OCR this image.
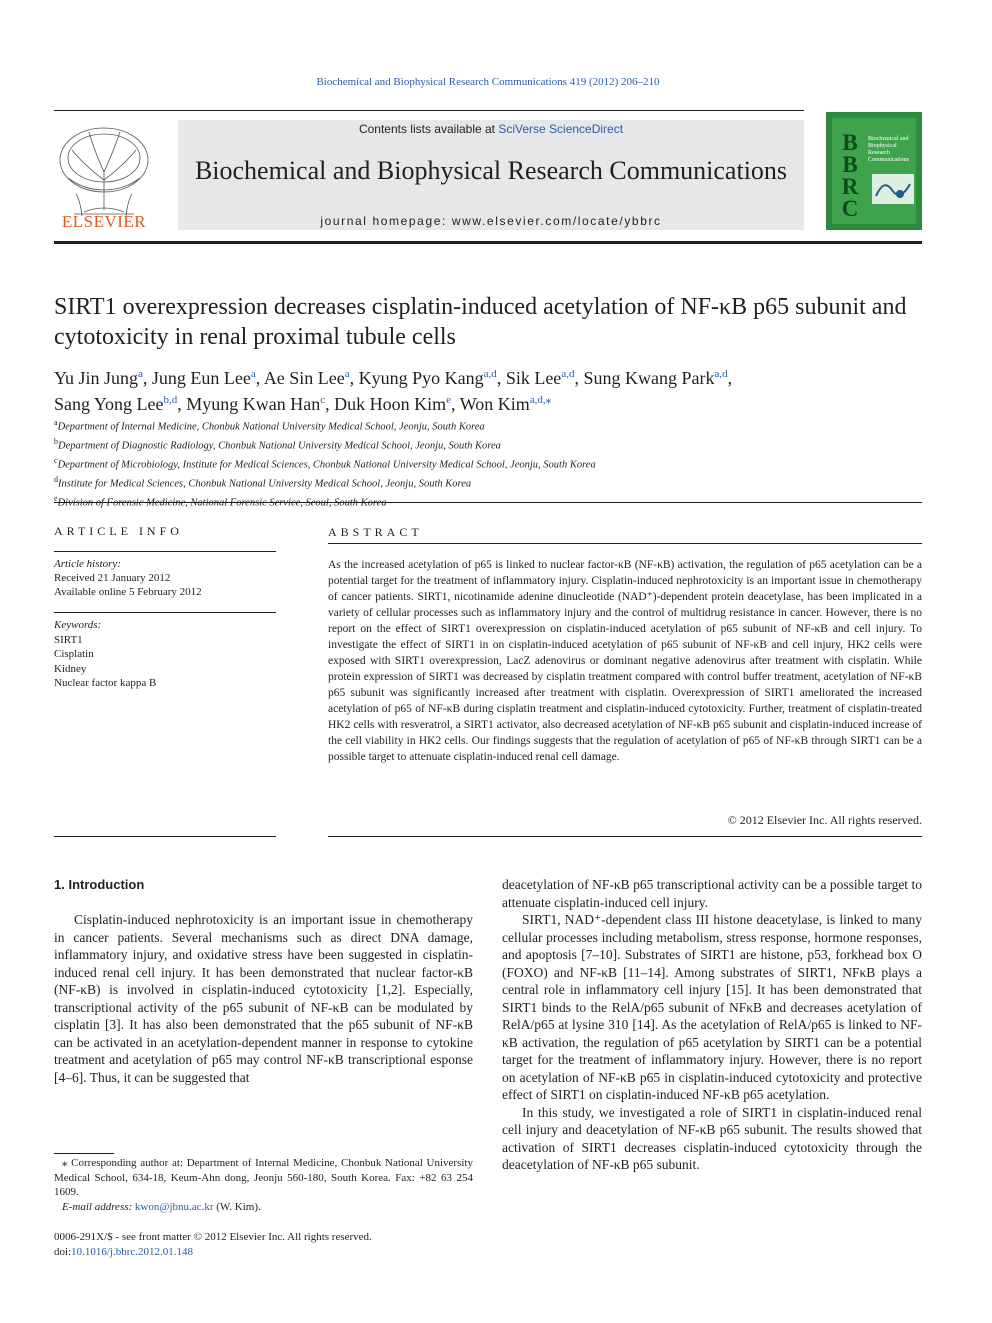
Biochemical and Biophysical Research Communications 419 (2012) 206–210
ELSEVIER
Contents lists available at SciVerse ScienceDirect
Biochemical and Biophysical Research Communications
journal homepage: www.elsevier.com/locate/ybbrc
B
B
R
C
Biochemical and Biophysical Research Communications
SIRT1 overexpression decreases cisplatin-induced acetylation of NF-κB p65 subunit and cytotoxicity in renal proximal tubule cells
Yu Jin Jung$^a$, Jung Eun Lee$^a$, Ae Sin Lee$^a$, Kyung Pyo Kang$^{a,d}$, Sik Lee$^{a,d}$, Sung Kwang Park$^{a,d}$,
Sang Yong Lee$^{b,d}$, Myung Kwan Han$^c$, Duk Hoon Kim$^e$, Won Kim$^{a,d,⁎}$
$^a$Department of Internal Medicine, Chonbuk National University Medical School, Jeonju, South Korea
$^b$Department of Diagnostic Radiology, Chonbuk National University Medical School, Jeonju, South Korea
$^c$Department of Microbiology, Institute for Medical Sciences, Chonbuk National University Medical School, Jeonju, South Korea
$^d$Institute for Medical Sciences, Chonbuk National University Medical School, Jeonju, South Korea
$^e$Division of Forensic Medicine, National Forensic Service, Seoul, South Korea
ARTICLE INFO
Article history:
Received 21 January 2012
Available online 5 February 2012
Keywords:
SIRT1
Cisplatin
Kidney
Nuclear factor kappa B
ABSTRACT
As the increased acetylation of p65 is linked to nuclear factor-κB (NF-κB) activation, the regulation of p65 acetylation can be a potential target for the treatment of inflammatory injury. Cisplatin-induced nephrotoxicity is an important issue in chemotherapy of cancer patients. SIRT1, nicotinamide adenine dinucleotide (NAD⁺)-dependent protein deacetylase, has been implicated in a variety of cellular processes such as inflammatory injury and the control of multidrug resistance in cancer. However, there is no report on the effect of SIRT1 overexpression on cisplatin-induced acetylation of p65 subunit of NF-κB and cell injury. To investigate the effect of SIRT1 in on cisplatin-induced acetylation of p65 subunit of NF-κB and cell injury, HK2 cells were exposed with SIRT1 overexpression, LacZ adenovirus or dominant negative adenovirus after treatment with cisplatin. While protein expression of SIRT1 was decreased by cisplatin treatment compared with control buffer treatment, acetylation of NF-κB p65 subunit was significantly increased after treatment with cisplatin. Overexpression of SIRT1 ameliorated the increased acetylation of p65 of NF-κB during cisplatin treatment and cisplatin-induced cytotoxicity. Further, treatment of cisplatin-treated HK2 cells with resveratrol, a SIRT1 activator, also decreased acetylation of NF-κB p65 subunit and cisplatin-induced increase of the cell viability in HK2 cells. Our findings suggests that the regulation of acetylation of p65 of NF-κB through SIRT1 can be a possible target to attenuate cisplatin-induced renal cell damage.
© 2012 Elsevier Inc. All rights reserved.
1. Introduction

Cisplatin-induced nephrotoxicity is an important issue in chemotherapy in cancer patients. Several mechanisms such as direct DNA damage, inflammatory injury, and oxidative stress have been suggested in cisplatin-induced renal cell injury. It has been demonstrated that nuclear factor-κB (NF-κB) is involved in cisplatin-induced cytotoxicity [1,2]. Especially, transcriptional activity of the p65 subunit of NF-κB can be modulated by cisplatin [3]. It has also been demonstrated that the p65 subunit of NF-κB can be activated in an acetylation-dependent manner in response to cytokine treatment and acetylation of p65 may control NF-κB transcriptional esponse [4–6]. Thus, it can be suggested that

deacetylation of NF-κB p65 transcriptional activity can be a possible target to attenuate cisplatin-induced cell injury.

SIRT1, NAD⁺-dependent class III histone deacetylase, is linked to many cellular processes including metabolism, stress response, hormone responses, and apoptosis [7–10]. Substrates of SIRT1 are histone, p53, forkhead box O (FOXO) and NF-κB [11–14]. Among substrates of SIRT1, NFκB plays a central role in inflammatory cell injury [15]. It has been demonstrated that SIRT1 binds to the RelA/p65 subunit of NFκB and decreases acetylation of RelA/p65 at lysine 310 [14]. As the acetylation of RelA/p65 is linked to NF-κB activation, the regulation of p65 acetylation by SIRT1 can be a potential target for the treatment of inflammatory injury. However, there is no report on acetylation of NF-κB p65 in cisplatin-induced cytotoxicity and protective effect of SIRT1 on cisplatin-induced NF-κB p65 acetylation.

In this study, we investigated a role of SIRT1 in cisplatin-induced renal cell injury and deacetylation of NF-κB p65 subunit. The results showed that activation of SIRT1 decreases cisplatin-induced cytotoxicity through the deacetylation of NF-κB p65 subunit.

⁎ Corresponding author at: Department of Internal Medicine, Chonbuk National University Medical School, 634-18, Keum-Ahn dong, Jeonju 560-180, South Korea. Fax: +82 63 254 1609.
E-mail address: kwon@jbnu.ac.kr (W. Kim).
0006-291X/$ - see front matter © 2012 Elsevier Inc. All rights reserved.
doi:10.1016/j.bbrc.2012.01.148
